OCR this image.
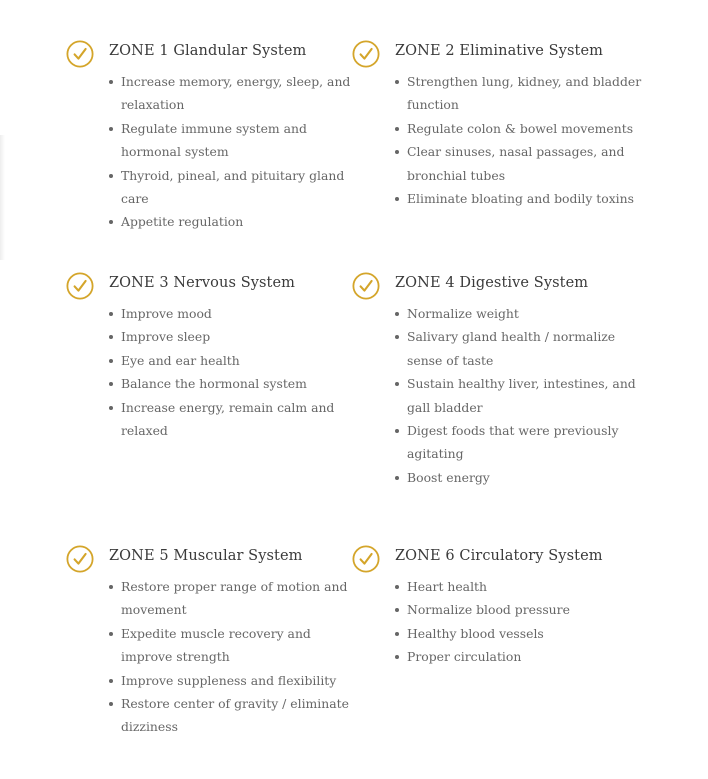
ZONE 1 Glandular System
Increase memory, energy, sleep, and relaxation
Regulate immune system and hormonal system
Thyroid, pineal, and pituitary gland care
Appetite regulation
ZONE 2 Eliminative System
Strengthen lung, kidney, and bladder function
Regulate colon & bowel movements
Clear sinuses, nasal passages, and bronchial tubes
Eliminate bloating and bodily toxins
ZONE 3 Nervous System
Improve mood
Improve sleep
Eye and ear health
Balance the hormonal system
Increase energy, remain calm and relaxed
ZONE 4 Digestive System
Normalize weight
Salivary gland health / normalize sense of taste
Sustain healthy liver, intestines, and gall bladder
Digest foods that were previously agitating
Boost energy
ZONE 5 Muscular System
Restore proper range of motion and movement
Expedite muscle recovery and improve strength
Improve suppleness and flexibility
Restore center of gravity / eliminate dizziness
ZONE 6 Circulatory System
Heart health
Normalize blood pressure
Healthy blood vessels
Proper circulation
